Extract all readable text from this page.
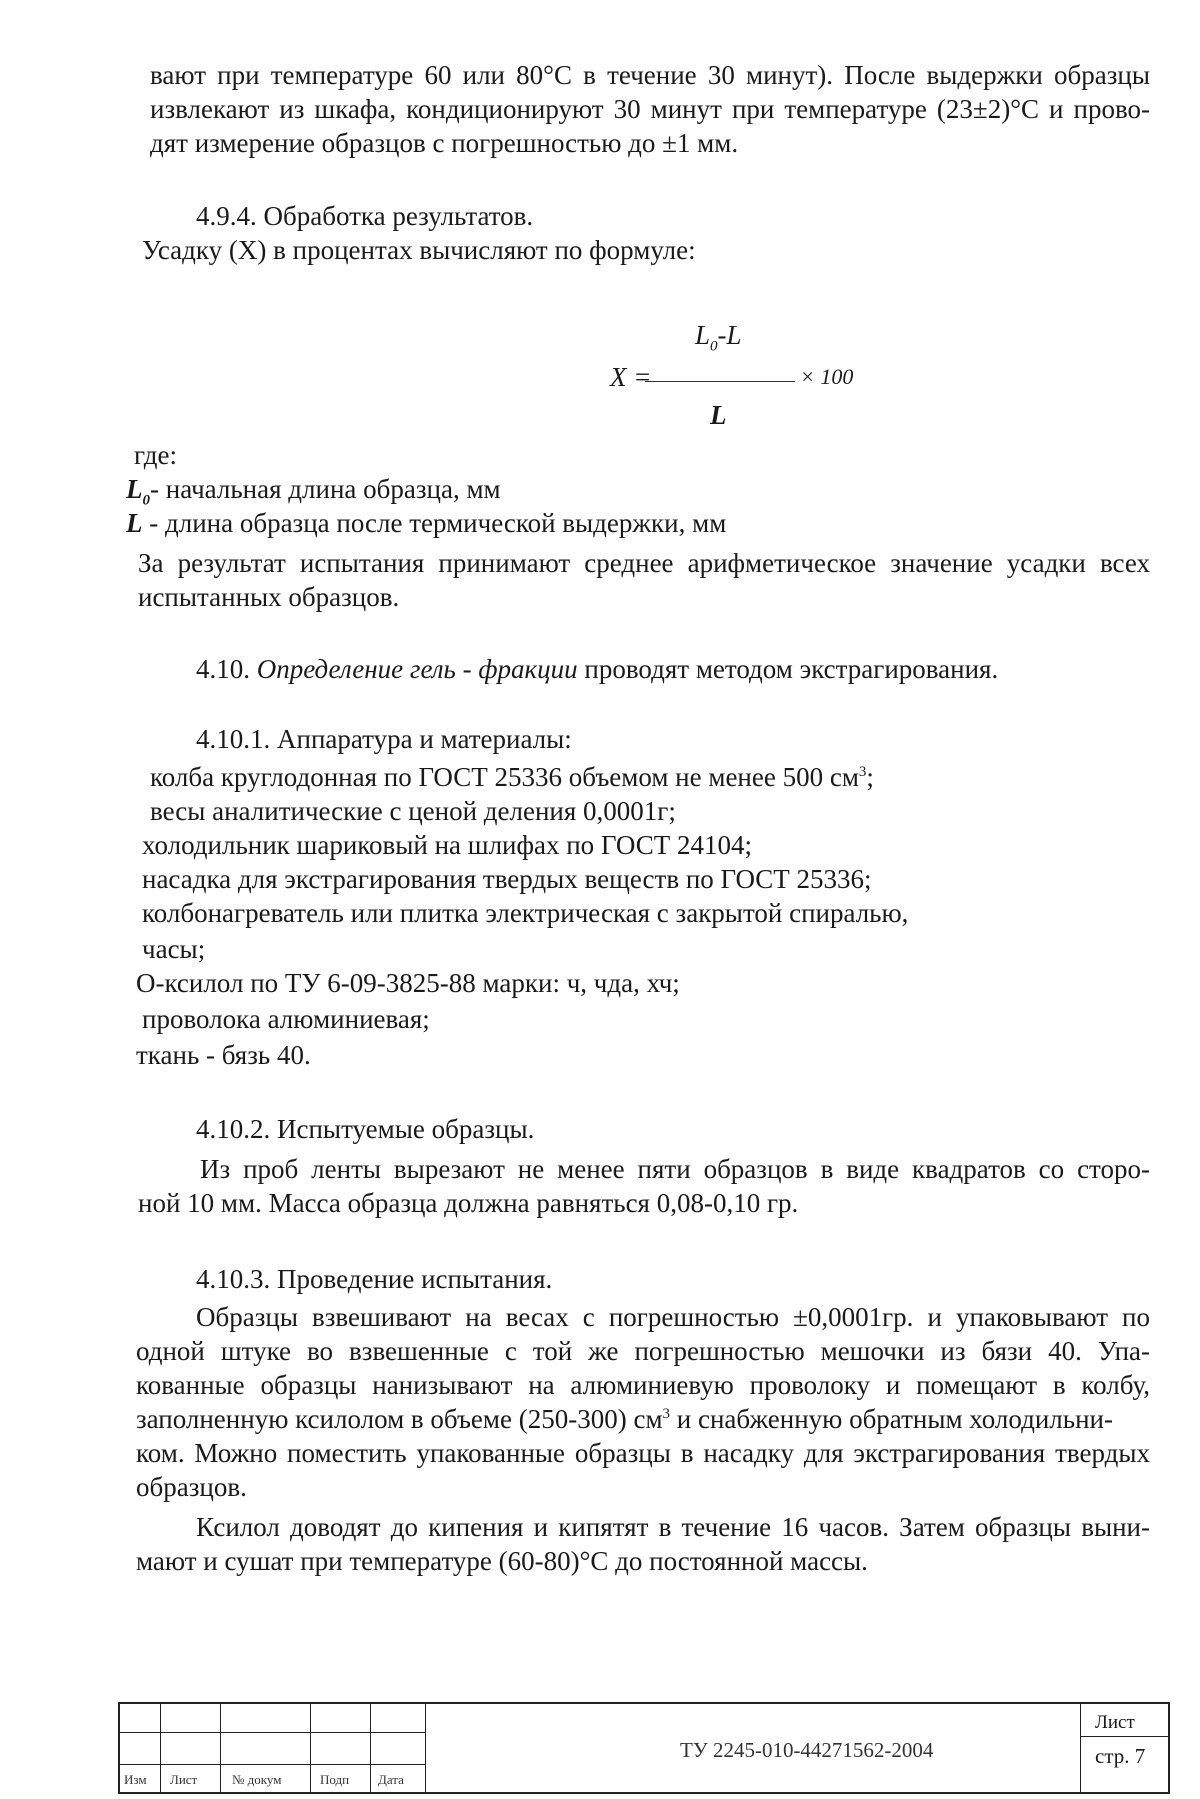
вают при температуре 60 или 80°С в течение 30 минут). После выдержки образцы
извлекают из шкафа, кондиционируют 30 минут при температуре (23±2)°С и прово-
дят измерение образцов с погрешностью до ±1 мм.
4.9.4. Обработка результатов.
Усадку (Х) в процентах вычисляют по формуле:
$L_0-L$
X =	× 100
L
где:
$L_0-$ начальная длина образца, мм
L - длина образца после термической выдержки, мм
За результат испытания принимают среднее арифметическое значение усадки всех
испытанных образцов.
4.10. Определение гель - фракции проводят методом экстрагирования.
4.10.1. Аппаратура и материалы:
колба круглодонная по ГОСТ 25336 объемом не менее 500 $см^3$;
весы аналитические с ценой деления 0,0001г;
холодильник шариковый на шлифах по ГОСТ 24104;
насадка для экстрагирования твердых веществ по ГОСТ 25336;
колбонагреватель или плитка электрическая с закрытой спиралью,
часы;
О-ксилол по ТУ 6-09-3825-88 марки: ч, чда, хч;
проволока алюминиевая;
ткань - бязь 40.
4.10.2. Испытуемые образцы.
Из проб ленты вырезают не менее пяти образцов в виде квадратов со сторо-
ной 10 мм. Масса образца должна равняться 0,08-0,10 гр.
4.10.3. Проведение испытания.
Образцы взвешивают на весах с погрешностью ±0,0001гр. и упаковывают по
одной штуке во взвешенные с той же погрешностью мешочки из бязи 40. Упа-
кованные образцы нанизывают на алюминиевую проволоку и помещают в колбу,
заполненную ксилолом в объеме (250-300) $см^3$ и снабженную обратным холодильни-
ком. Можно поместить упакованные образцы в насадку для экстрагирования твердых
образцов.
Ксилол доводят до кипения и кипятят в течение 16 часов. Затем образцы выни-
мают и сушат при температуре (60-80)°С до постоянной массы.
Изм Лист	№ докум	Подп Дата
ТУ 2245-010-44271562-2004
Лист
стр. 7
